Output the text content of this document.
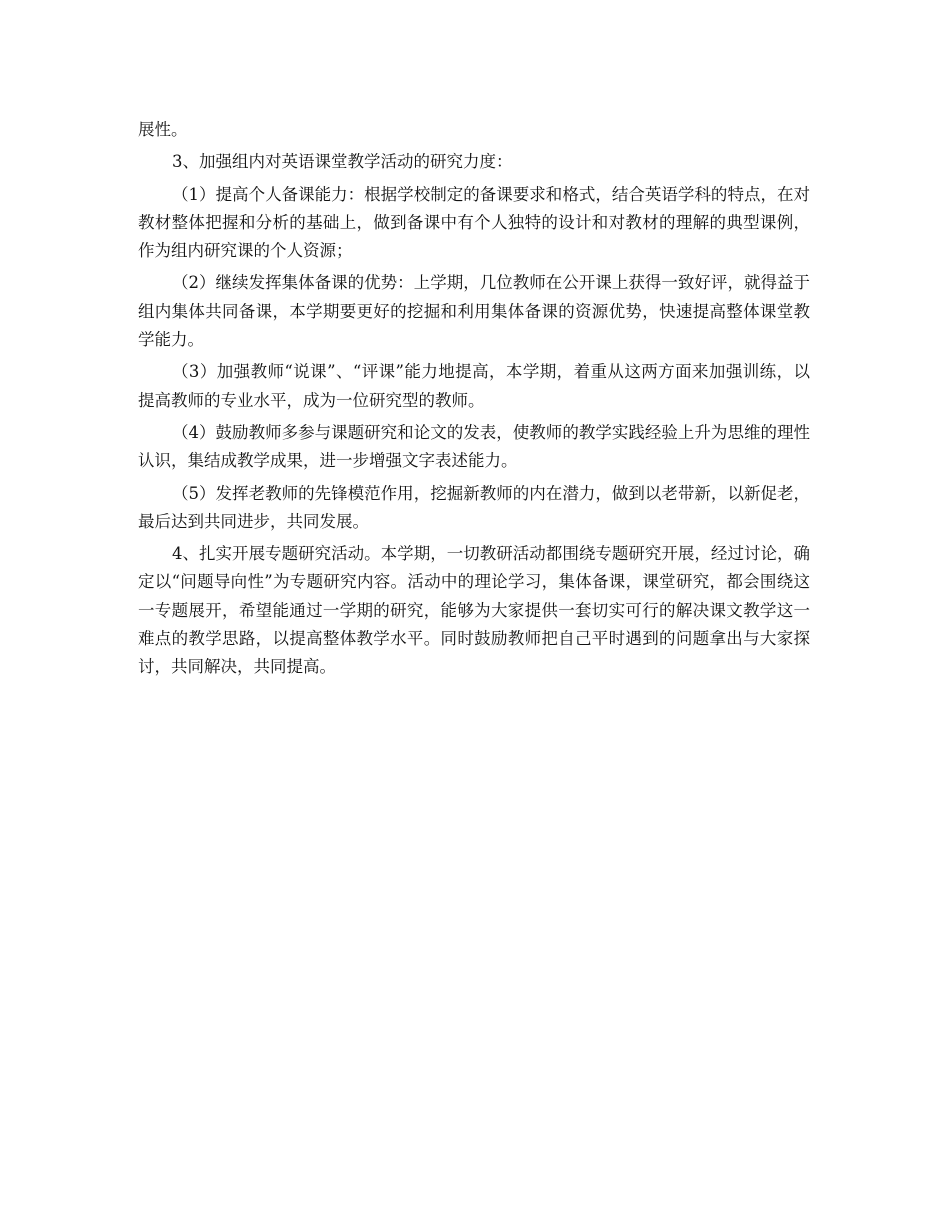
展性。

3、加强组内对英语课堂教学活动的研究力度：

（1）提高个人备课能力：根据学校制定的备课要求和格式，结合英语学科的特点，在对教材整体把握和分析的基础上，做到备课中有个人独特的设计和对教材的理解的典型课例，作为组内研究课的个人资源；

（2）继续发挥集体备课的优势：上学期，几位教师在公开课上获得一致好评，就得益于组内集体共同备课，本学期要更好的挖掘和利用集体备课的资源优势，快速提高整体课堂教学能力。

（3）加强教师“说课”、“评课”能力地提高，本学期，着重从这两方面来加强训练，以提高教师的专业水平，成为一位研究型的教师。

（4）鼓励教师多参与课题研究和论文的发表，使教师的教学实践经验上升为思维的理性认识，集结成教学成果，进一步增强文字表述能力。

（5）发挥老教师的先锋模范作用，挖掘新教师的内在潜力，做到以老带新，以新促老，最后达到共同进步，共同发展。

4、扎实开展专题研究活动。本学期，一切教研活动都围绕专题研究开展，经过讨论，确定以“问题导向性”为专题研究内容。活动中的理论学习，集体备课，课堂研究，都会围绕这一专题展开，希望能通过一学期的研究，能够为大家提供一套切实可行的解决课文教学这一难点的教学思路，以提高整体教学水平。同时鼓励教师把自己平时遇到的问题拿出与大家探讨，共同解决，共同提高。
